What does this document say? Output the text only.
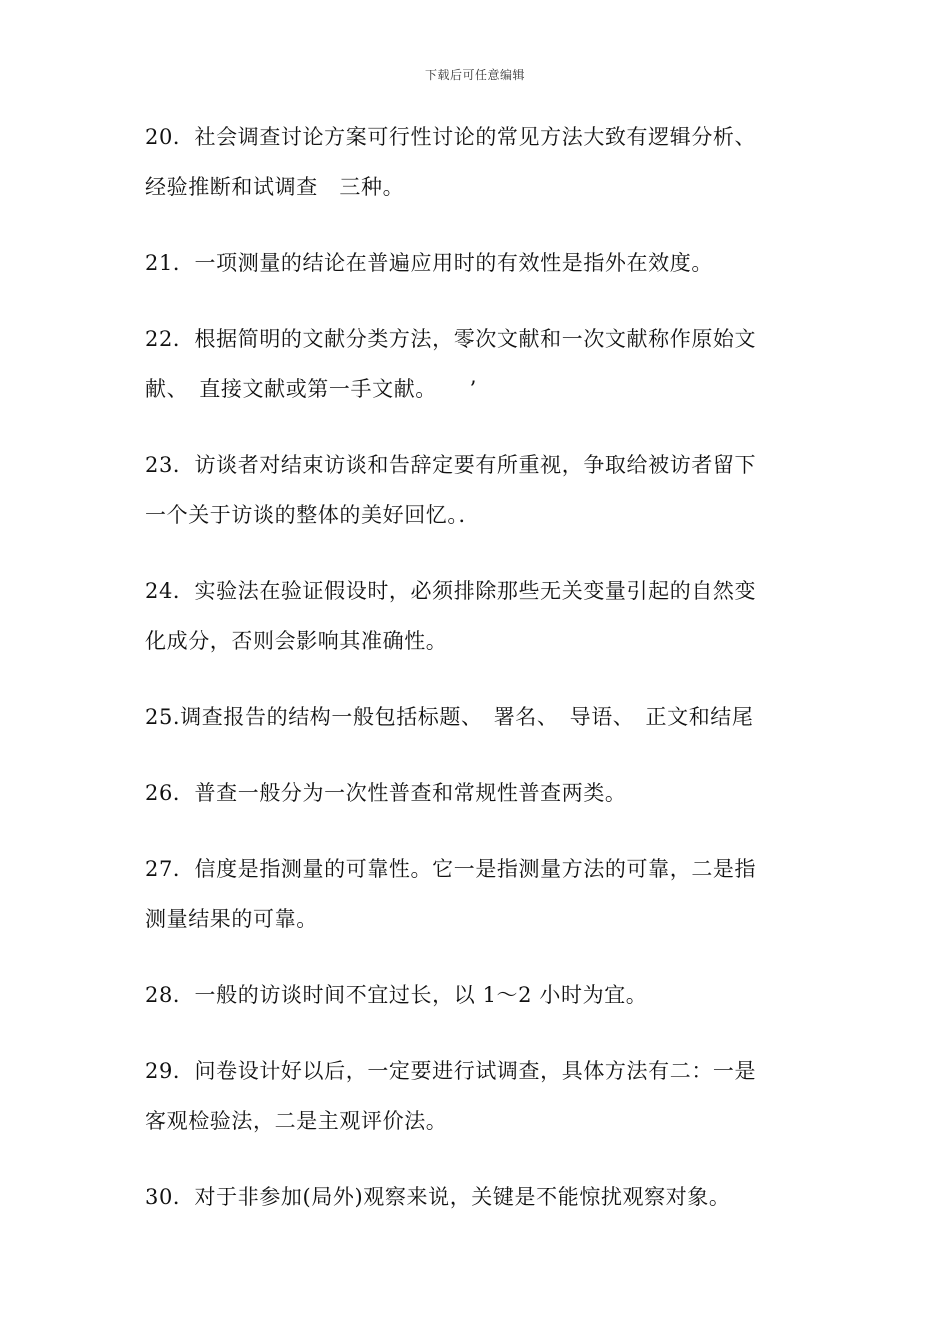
下载后可任意编辑
20．社会调查讨论方案可行性讨论的常见方法大致有逻辑分析、
经验推断和试调查　三种。
21．一项测量的结论在普遍应用时的有效性是指外在效度。
22．根据简明的文献分类方法，零次文献和一次文献称作原始文
献、　直接文献或第一手文献。　　’
23．访谈者对结束访谈和告辞定要有所重视，争取给被访者留下
一个关于访谈的整体的美好回忆。．
24．实验法在验证假设时，必须排除那些无关变量引起的自然变
化成分，否则会影响其准确性。
25.调查报告的结构一般包括标题、　署名、　导语、　正文和结尾
26．普查一般分为一次性普查和常规性普查两类。
27．信度是指测量的可靠性。它一是指测量方法的可靠，二是指
测量结果的可靠。
28．一般的访谈时间不宜过长，以 1～2 小时为宜。
29．问卷设计好以后，一定要进行试调查，具体方法有二：一是
客观检验法，二是主观评价法。
30．对于非参加(局外)观察来说，关键是不能惊扰观察对象。
